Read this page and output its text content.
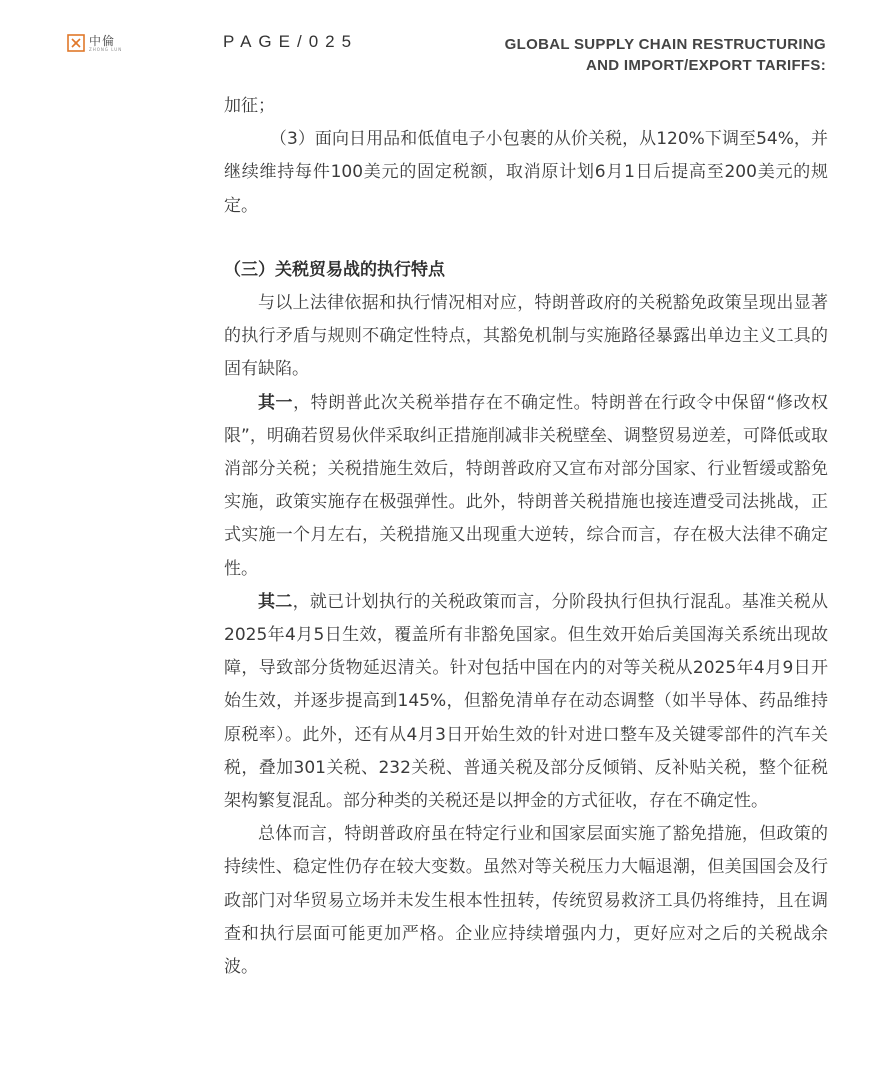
中倫
ZHONG LUN	PAGE/025	GLOBAL SUPPLY CHAIN RESTRUCTURING
AND IMPORT/EXPORT TARIFFS:

加征；

（3）面向日用品和低值电子小包裹的从价关税，从120%下调至54%，并继续维持每件100美元的固定税额，取消原计划6月1日后提高至200美元的规定。

（三）关税贸易战的执行特点

与以上法律依据和执行情况相对应，特朗普政府的关税豁免政策呈现出显著的执行矛盾与规则不确定性特点，其豁免机制与实施路径暴露出单边主义工具的固有缺陷。

其一，特朗普此次关税举措存在不确定性。特朗普在行政令中保留“修改权限”，明确若贸易伙伴采取纠正措施削减非关税壁垒、调整贸易逆差，可降低或取消部分关税；关税措施生效后，特朗普政府又宣布对部分国家、行业暂缓或豁免实施，政策实施存在极强弹性。此外，特朗普关税措施也接连遭受司法挑战，正式实施一个月左右，关税措施又出现重大逆转，综合而言，存在极大法律不确定性。

其二，就已计划执行的关税政策而言，分阶段执行但执行混乱。基准关税从2025年4月5日生效，覆盖所有非豁免国家。但生效开始后美国海关系统出现故障，导致部分货物延迟清关。针对包括中国在内的对等关税从2025年4月9日开始生效，并逐步提高到145%，但豁免清单存在动态调整（如半导体、药品维持原税率）。此外，还有从4月3日开始生效的针对进口整车及关键零部件的汽车关税，叠加301关税、232关税、普通关税及部分反倾销、反补贴关税，整个征税架构繁复混乱。部分种类的关税还是以押金的方式征收，存在不确定性。

总体而言，特朗普政府虽在特定行业和国家层面实施了豁免措施，但政策的持续性、稳定性仍存在较大变数。虽然对等关税压力大幅退潮，但美国国会及行政部门对华贸易立场并未发生根本性扭转，传统贸易救济工具仍将维持，且在调查和执行层面可能更加严格。企业应持续增强内力，更好应对之后的关税战余波。
